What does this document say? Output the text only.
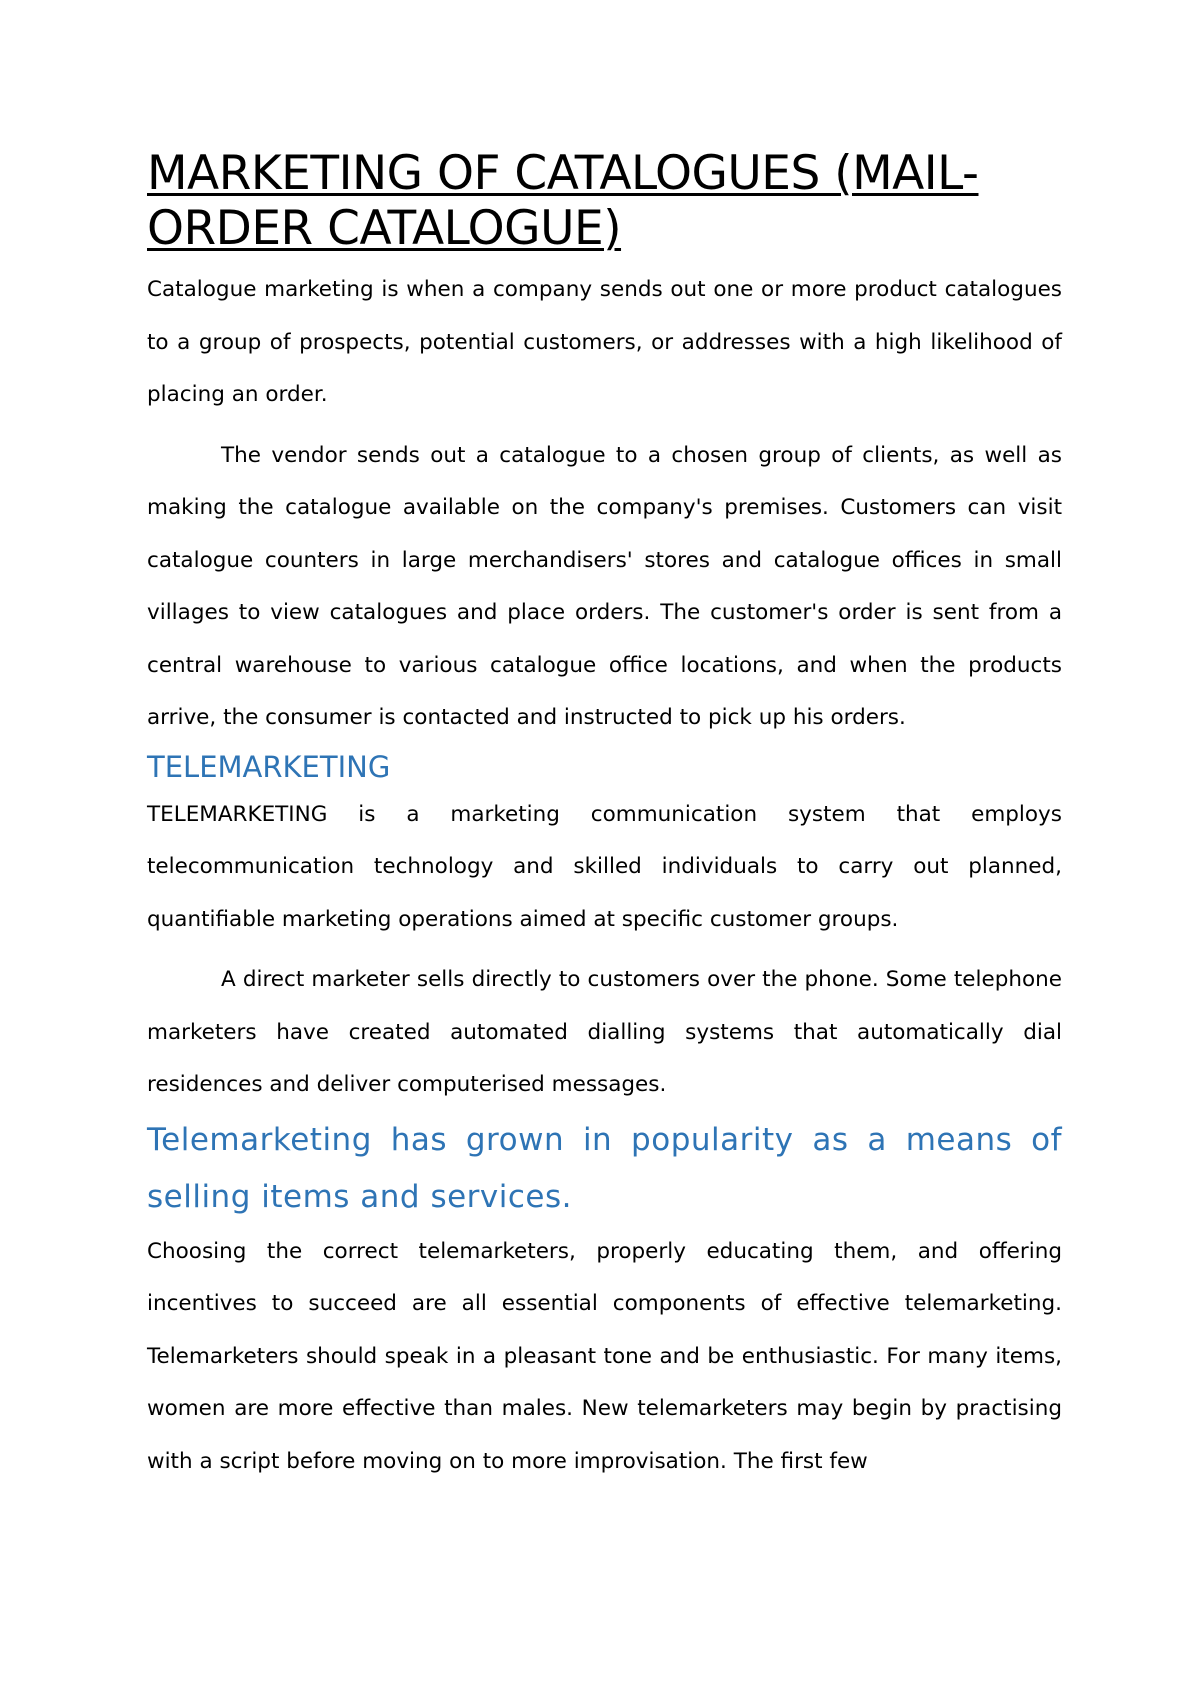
MARKETING OF CATALOGUES (MAIL-ORDER CATALOGUE)

Catalogue marketing is when a company sends out one or more product catalogues to a group of prospects, potential customers, or addresses with a high likelihood of placing an order.

The vendor sends out a catalogue to a chosen group of clients, as well as making the catalogue available on the company's premises. Customers can visit catalogue counters in large merchandisers' stores and catalogue offices in small villages to view catalogues and place orders. The customer's order is sent from a central warehouse to various catalogue office locations, and when the products arrive, the consumer is contacted and instructed to pick up his orders.

TELEMARKETING

TELEMARKETING is a marketing communication system that employs telecommunication technology and skilled individuals to carry out planned, quantifiable marketing operations aimed at specific customer groups.

A direct marketer sells directly to customers over the phone. Some telephone marketers have created automated dialling systems that automatically dial residences and deliver computerised messages.

Telemarketing has grown in popularity as a means of selling items and services.

Choosing the correct telemarketers, properly educating them, and offering incentives to succeed are all essential components of effective telemarketing. Telemarketers should speak in a pleasant tone and be enthusiastic. For many items, women are more effective than males. New telemarketers may begin by practising with a script before moving on to more improvisation. The first few
